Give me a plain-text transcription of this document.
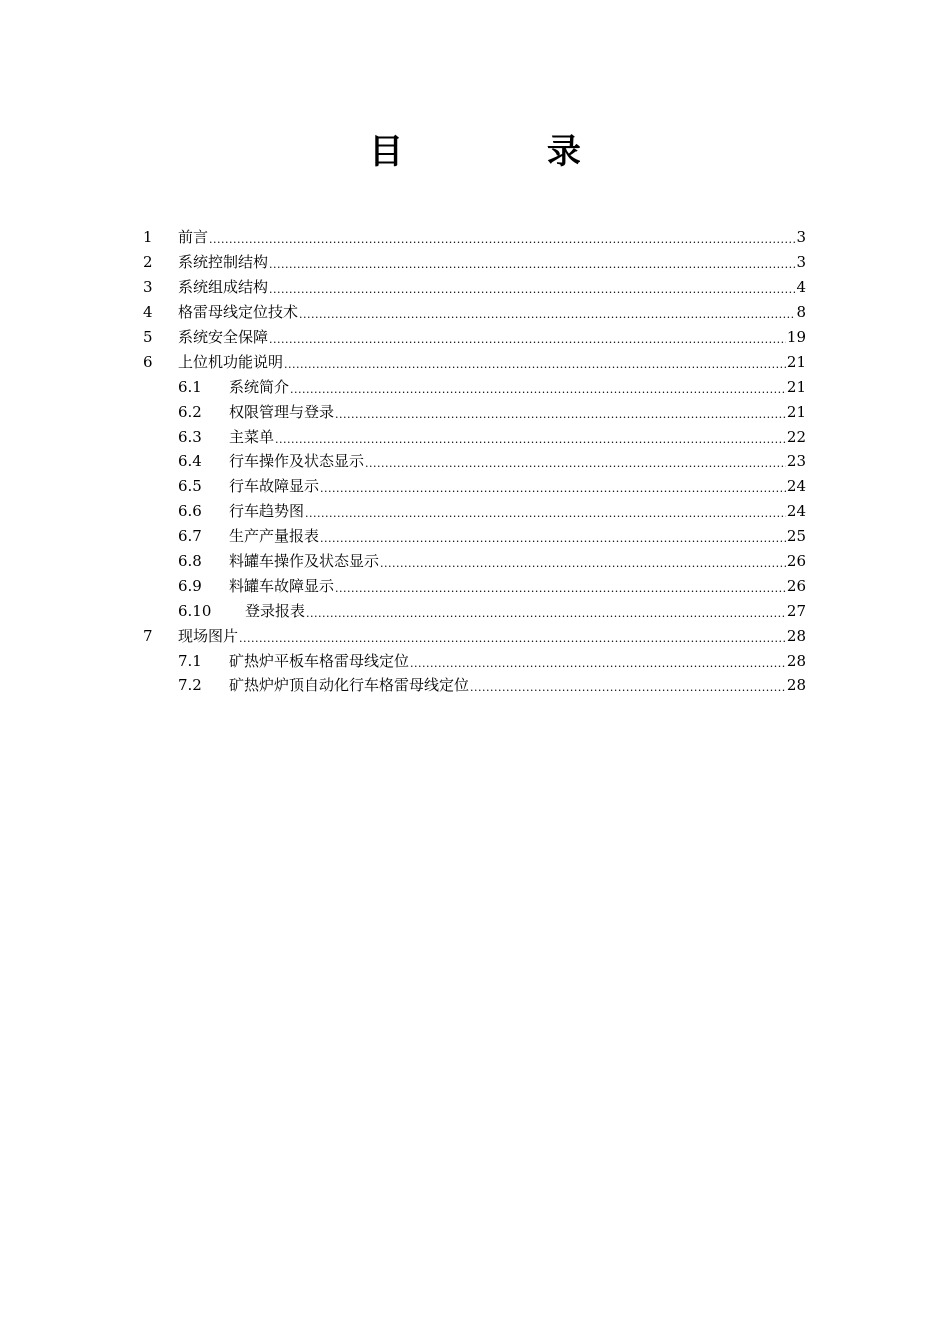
目 录
1	前言 .....	3
2	系统控制结构 .....	3
3	系统组成结构 .....	4
4	格雷母线定位技术 .....	8
5	系统安全保障 .....	19
6	上位机功能说明 .....	21
6.1	系统简介 .....	21
6.2	权限管理与登录 .....	21
6.3	主菜单 .....	22
6.4	行车操作及状态显示 .....	23
6.5	行车故障显示 .....	24
6.6	行车趋势图 .....	24
6.7	生产产量报表 .....	25
6.8	料罐车操作及状态显示 .....	26
6.9	料罐车故障显示 .....	26
6.10	登录报表 .....	27
7	现场图片 .....	28
7.1	矿热炉平板车格雷母线定位 .....	28
7.2	矿热炉炉顶自动化行车格雷母线定位 .....	28
